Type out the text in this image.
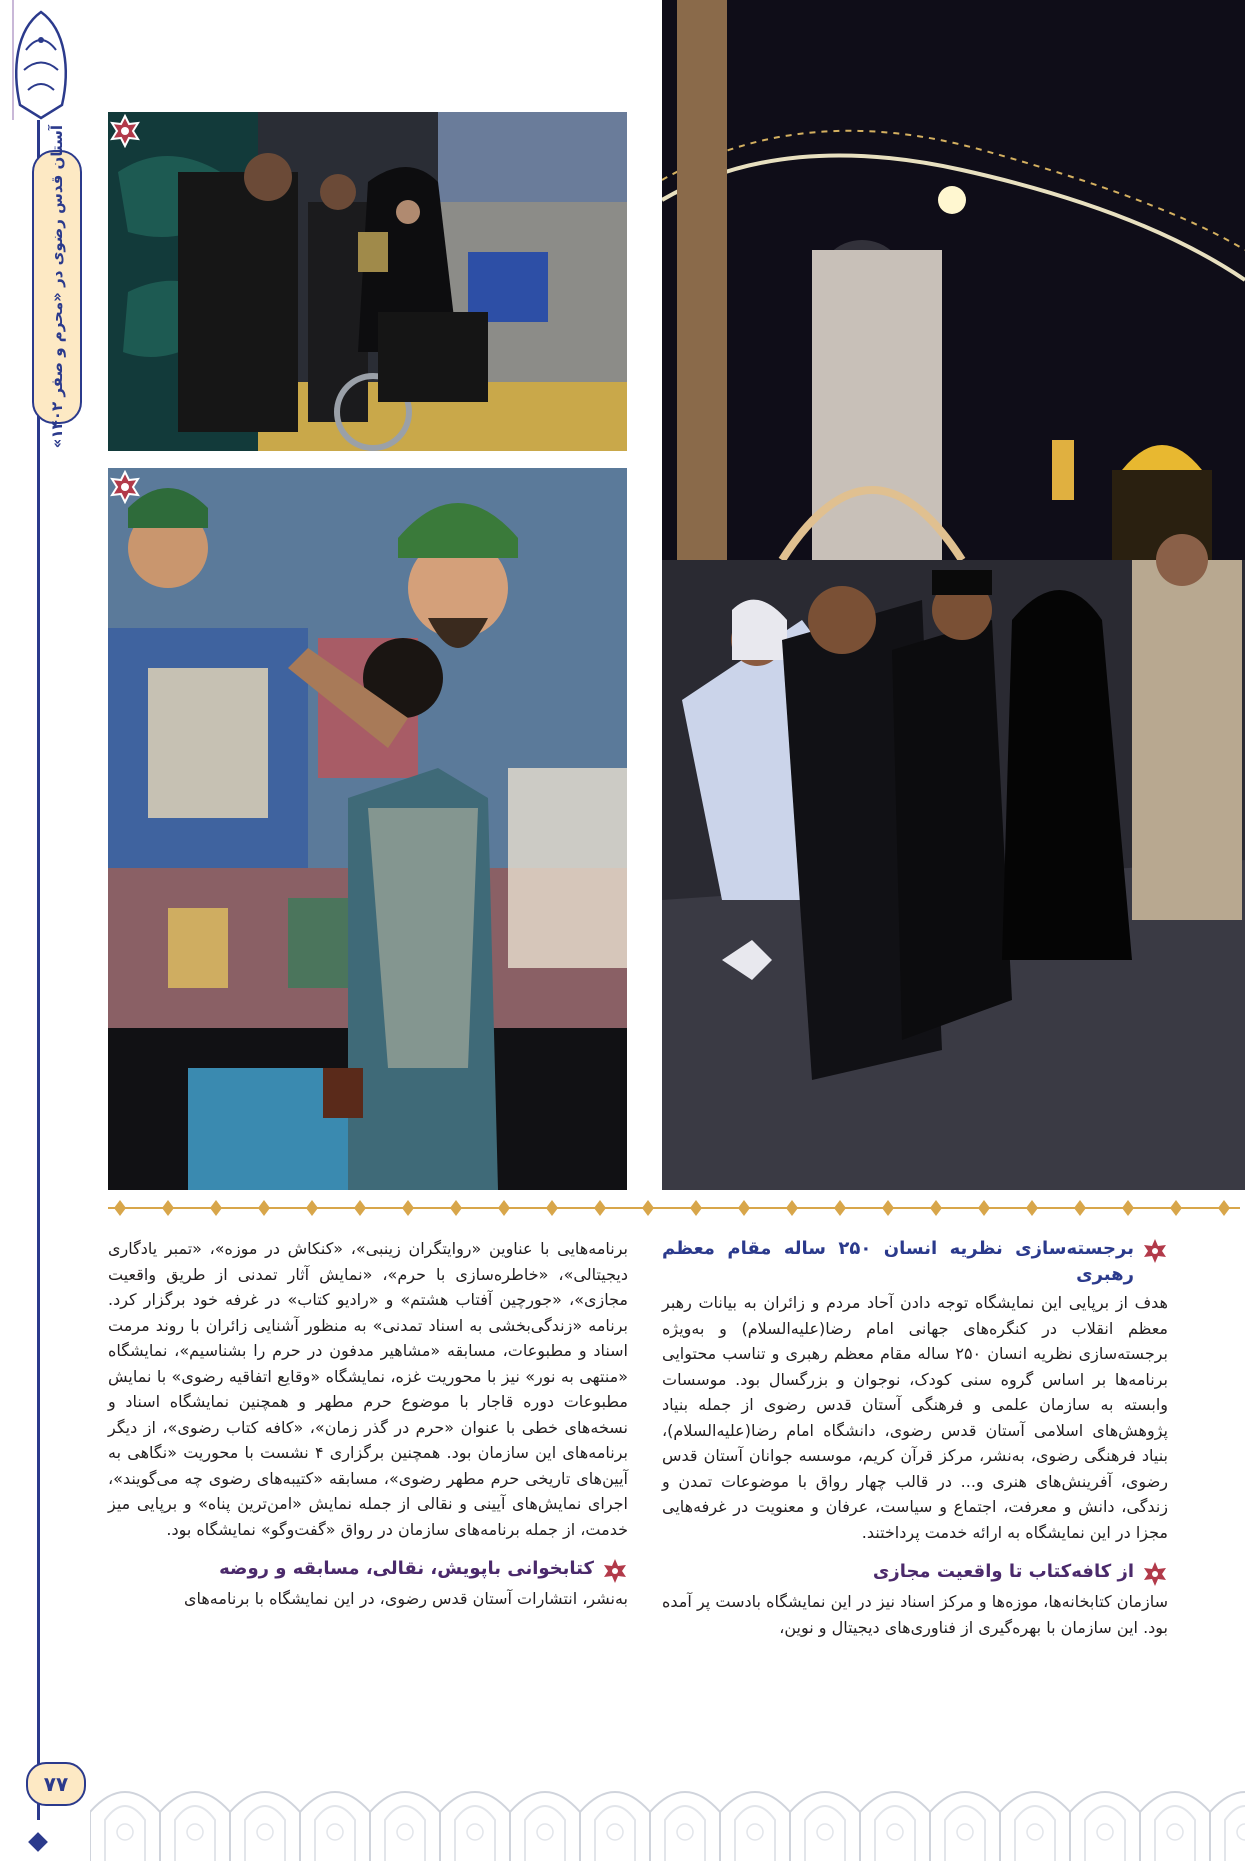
آستان قدس رضوی در «محرم و صفر ۱۴۰۲»
۷۷
برجسته‌سازی نظریه انسان ۲۵۰ ساله مقام معظم رهبری

هدف از برپایی این نمایشگاه توجه دادن آحاد مردم و زائران به بیانات رهبر معظم انقلاب در کنگره‌های جهانی امام رضا(علیه‌السلام) و به‌ویژه برجسته‌سازی نظریه انسان ۲۵۰ ساله مقام معظم رهبری و تناسب محتوایی برنامه‌ها بر اساس گروه سنی کودک، نوجوان و بزرگسال بود. موسسات وابسته به سازمان علمی و فرهنگی آستان قدس رضوی از جمله بنیاد پژوهش‌های اسلامی آستان قدس رضوی، دانشگاه امام رضا(علیه‌السلام)، بنیاد فرهنگی رضوی، به‌نشر، مرکز قرآن کریم، موسسه جوانان آستان قدس رضوی، آفرینش‌های هنری و... در قالب چهار رواق با موضوعات تمدن و زندگی، دانش و معرفت، اجتماع و سیاست، عرفان و معنویت در غرفه‌هایی مجزا در این نمایشگاه به ارائه خدمت پرداختند.

از کافه‌کتاب تا واقعیت مجازی

سازمان کتابخانه‌ها، موزه‌ها و مرکز اسناد نیز در این نمایشگاه بادست پر آمده بود. این سازمان با بهره‌گیری از فناوری‌های دیجیتال و نوین،

برنامه‌هایی با عناوین «روایتگران زینبی»، «کنکاش در موزه»، «تمبر یادگاری دیجیتالی»، «خاطره‌سازی با حرم»، «نمایش آثار تمدنی از طریق واقعیت مجازی»، «جورچین آفتاب هشتم» و «رادیو کتاب» در غرفه خود برگزار کرد. برنامه «زندگی‌بخشی به اسناد تمدنی» به منظور آشنایی زائران با روند مرمت اسناد و مطبوعات، مسابقه «مشاهیر مدفون در حرم را بشناسیم»، نمایشگاه «منتهی به نور» نیز با محوریت غزه، نمایشگاه «وقایع اتفاقیه رضوی» با نمایش مطبوعات دوره قاجار با موضوع حرم مطهر و همچنین نمایشگاه اسناد و نسخه‌های خطی با عنوان «حرم در گذر زمان»، «کافه کتاب رضوی»، از دیگر برنامه‌های این سازمان بود. همچنین برگزاری ۴ نشست با محوریت «نگاهی به آیین‌های تاریخی حرم مطهر رضوی»، مسابقه «کتیبه‌های رضوی چه می‌گویند»، اجرای نمایش‌های آیینی و نقالی از جمله نمایش «امن‌ترین پناه» و برپایی میز خدمت، از جمله برنامه‌های سازمان در رواق «گفت‌وگو» نمایشگاه بود.

کتابخوانی باپویش، نقالی، مسابقه و روضه

به‌نشر، انتشارات آستان قدس رضوی، در این نمایشگاه با برنامه‌های
